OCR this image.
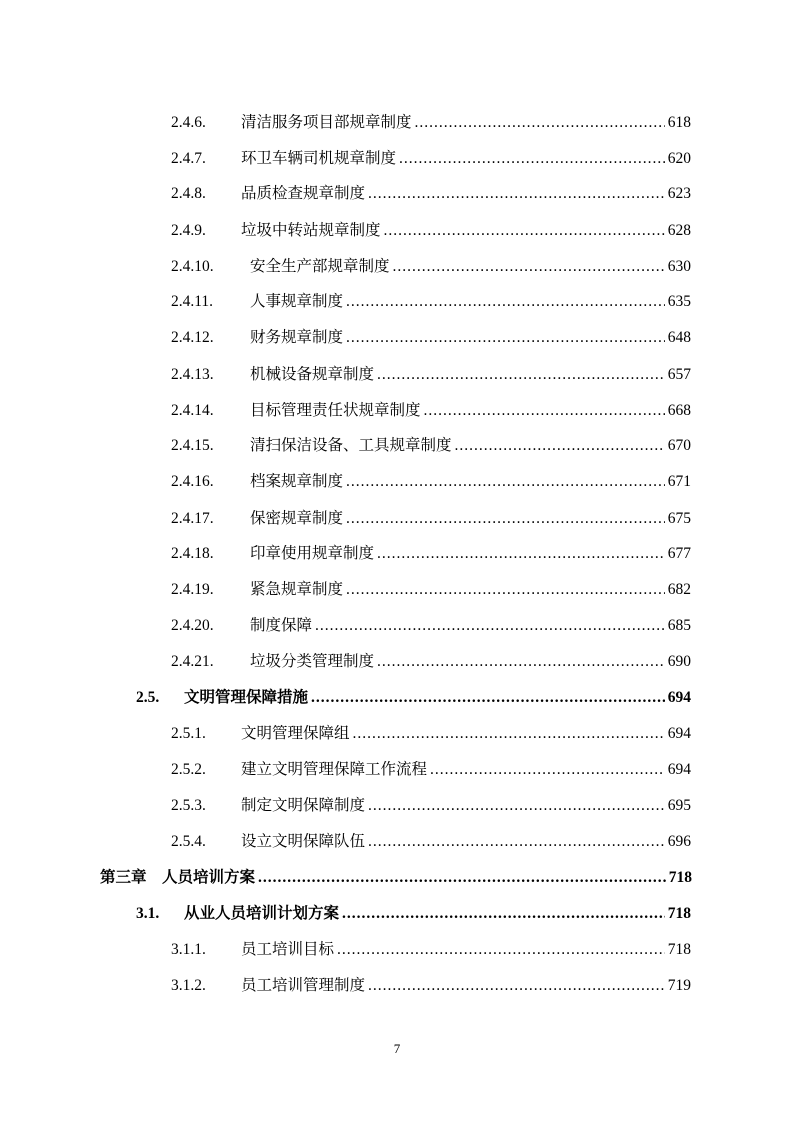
2.4.6.	清洁服务项目部规章制度 .....	618
2.4.7.	环卫车辆司机规章制度 .....	620
2.4.8.	品质检查规章制度 .....	623
2.4.9.	垃圾中转站规章制度 .....	628
2.4.10.	安全生产部规章制度 .....	630
2.4.11.	人事规章制度 .....	635
2.4.12.	财务规章制度 .....	648
2.4.13.	机械设备规章制度 .....	657
2.4.14.	目标管理责任状规章制度 .....	668
2.4.15.	清扫保洁设备、工具规章制度 .....	670
2.4.16.	档案规章制度 .....	671
2.4.17.	保密规章制度 .....	675
2.4.18.	印章使用规章制度 .....	677
2.4.19.	紧急规章制度 .....	682
2.4.20.	制度保障 .....	685
2.4.21.	垃圾分类管理制度 .....	690
2.5.	文明管理保障措施 .....	694
2.5.1.	文明管理保障组 .....	694
2.5.2.	建立文明管理保障工作流程 .....	694
2.5.3.	制定文明保障制度 .....	695
2.5.4.	设立文明保障队伍 .....	696
第三章 人员培训方案 .....	718
3.1.	从业人员培训计划方案 .....	718
3.1.1.	员工培训目标 .....	718
3.1.2.	员工培训管理制度 .....	719
7
